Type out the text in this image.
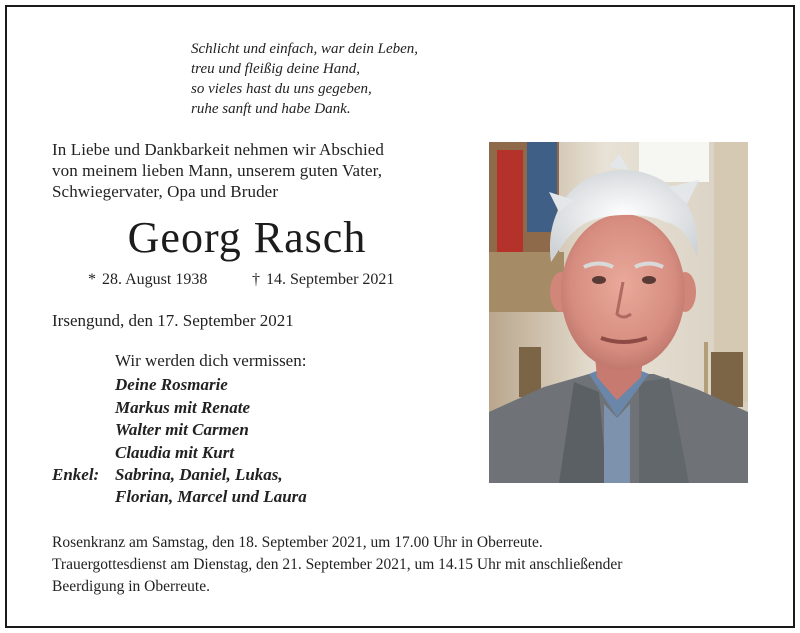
Schlicht und einfach, war dein Leben,
treu und fleißig deine Hand,
so vieles hast du uns gegeben,
ruhe sanft und habe Dank.
In Liebe und Dankbarkeit nehmen wir Abschied
von meinem lieben Mann, unserem guten Vater,
Schwiegervater, Opa und Bruder
Georg Rasch
* 28. August 1938	† 14. September 2021
Irsengund, den 17. September 2021
Wir werden dich vermissen:
Deine Rosmarie
Markus mit Renate
Walter mit Carmen
Claudia mit Kurt
Enkel: Sabrina, Daniel, Lukas,
Florian, Marcel und Laura
Rosenkranz am Samstag, den 18. September 2021, um 17.00 Uhr in Oberreute.
Trauergottesdienst am Dienstag, den 21. September 2021, um 14.15 Uhr mit anschließender
Beerdigung in Oberreute.
